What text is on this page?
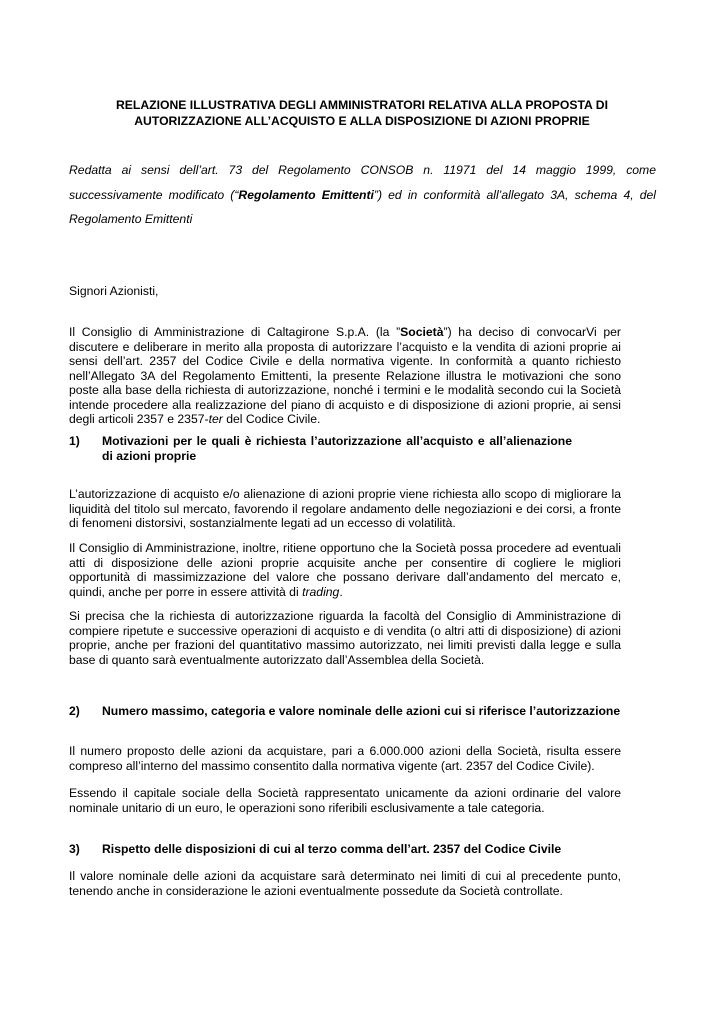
RELAZIONE ILLUSTRATIVA DEGLI AMMINISTRATORI RELATIVA ALLA PROPOSTA DI
AUTORIZZAZIONE ALL’ACQUISTO E ALLA DISPOSIZIONE DI AZIONI PROPRIE
Redatta ai sensi dell’art. 73 del Regolamento CONSOB n. 11971 del 14 maggio 1999, come successivamente modificato (“Regolamento Emittenti”) ed in conformità all’allegato 3A, schema 4, del Regolamento Emittenti

Signori Azionisti,

Il Consiglio di Amministrazione di Caltagirone S.p.A. (la ”Società”) ha deciso di convocarVi per discutere e deliberare in merito alla proposta di autorizzare l’acquisto e la vendita di azioni proprie ai sensi dell’art. 2357 del Codice Civile e della normativa vigente. In conformità a quanto richiesto nell’Allegato 3A del Regolamento Emittenti, la presente Relazione illustra le motivazioni che sono poste alla base della richiesta di autorizzazione, nonché i termini e le modalità secondo cui la Società intende procedere alla realizzazione del piano di acquisto e di disposizione di azioni proprie, ai sensi degli articoli 2357 e 2357-ter del Codice Civile.

1) Motivazioni per le quali è richiesta l’autorizzazione all’acquisto e all’alienazione di azioni proprie

L’autorizzazione di acquisto e/o alienazione di azioni proprie viene richiesta allo scopo di migliorare la liquidità del titolo sul mercato, favorendo il regolare andamento delle negoziazioni e dei corsi, a fronte di fenomeni distorsivi, sostanzialmente legati ad un eccesso di volatilità.

Il Consiglio di Amministrazione, inoltre, ritiene opportuno che la Società possa procedere ad eventuali atti di disposizione delle azioni proprie acquisite anche per consentire di cogliere le migliori opportunità di massimizzazione del valore che possano derivare dall’andamento del mercato e, quindi, anche per porre in essere attività di trading.

Si precisa che la richiesta di autorizzazione riguarda la facoltà del Consiglio di Amministrazione di compiere ripetute e successive operazioni di acquisto e di vendita (o altri atti di disposizione) di azioni proprie, anche per frazioni del quantitativo massimo autorizzato, nei limiti previsti dalla legge e sulla base di quanto sarà eventualmente autorizzato dall’Assemblea della Società.

2) Numero massimo, categoria e valore nominale delle azioni cui si riferisce l’autorizzazione

Il numero proposto delle azioni da acquistare, pari a 6.000.000 azioni della Società, risulta essere compreso all’interno del massimo consentito dalla normativa vigente (art. 2357 del Codice Civile).

Essendo il capitale sociale della Società rappresentato unicamente da azioni ordinarie del valore nominale unitario di un euro, le operazioni sono riferibili esclusivamente a tale categoria.

3) Rispetto delle disposizioni di cui al terzo comma dell’art. 2357 del Codice Civile

Il valore nominale delle azioni da acquistare sarà determinato nei limiti di cui al precedente punto, tenendo anche in considerazione le azioni eventualmente possedute da Società controllate.
